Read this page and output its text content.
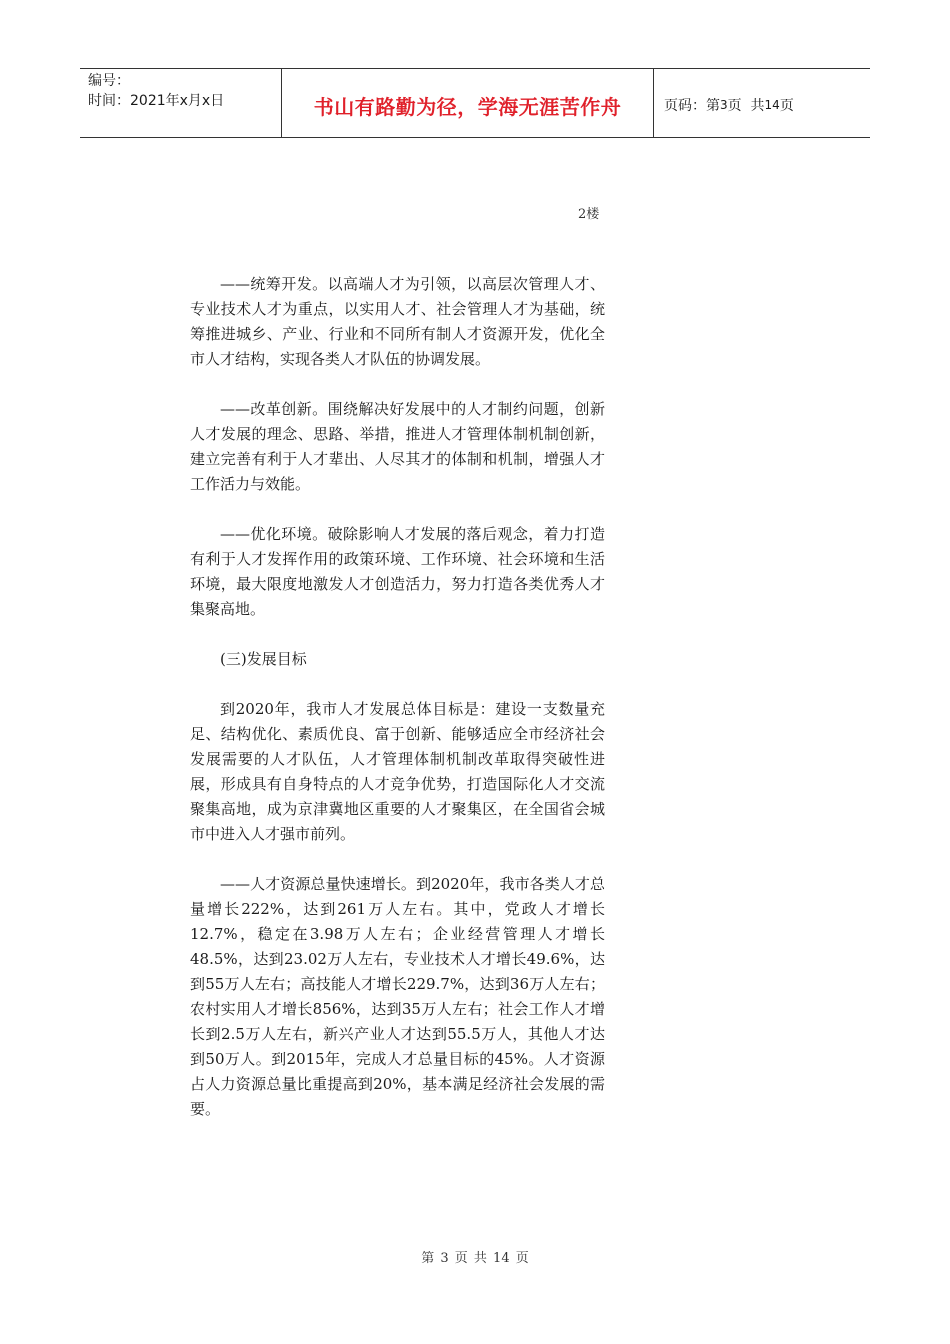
编号：
时间：2021年x月x日	书山有路勤为径，学海无涯苦作舟	页码：第 3 页  共 14 页
2楼

——统筹开发。以高端人才为引领，以高层次管理人才、专业技术人才为重点，以实用人才、社会管理人才为基础，统筹推进城乡、产业、行业和不同所有制人才资源开发，优化全市人才结构，实现各类人才队伍的协调发展。

——改革创新。围绕解决好发展中的人才制约问题，创新人才发展的理念、思路、举措，推进人才管理体制机制创新，建立完善有利于人才辈出、人尽其才的体制和机制，增强人才工作活力与效能。

——优化环境。破除影响人才发展的落后观念，着力打造有利于人才发挥作用的政策环境、工作环境、社会环境和生活环境，最大限度地激发人才创造活力，努力打造各类优秀人才集聚高地。

(三)发展目标

到2020年，我市人才发展总体目标是：建设一支数量充足、结构优化、素质优良、富于创新、能够适应全市经济社会发展需要的人才队伍，人才管理体制机制改革取得突破性进展，形成具有自身特点的人才竞争优势，打造国际化人才交流聚集高地，成为京津冀地区重要的人才聚集区，在全国省会城市中进入人才强市前列。

——人才资源总量快速增长。到2020年，我市各类人才总量增长222%，达到261万人左右。其中，党政人才增长12.7%，稳定在3.98万人左右；企业经营管理人才增长48.5%，达到23.02万人左右，专业技术人才增长49.6%，达到55万人左右；高技能人才增长229.7%，达到36万人左右；农村实用人才增长856%，达到35万人左右；社会工作人才增长到2.5万人左右，新兴产业人才达到55.5万人，其他人才达到50万人。到2015年，完成人才总量目标的45%。人才资源占人力资源总量比重提高到20%，基本满足经济社会发展的需要。

第 3 页 共 14 页
